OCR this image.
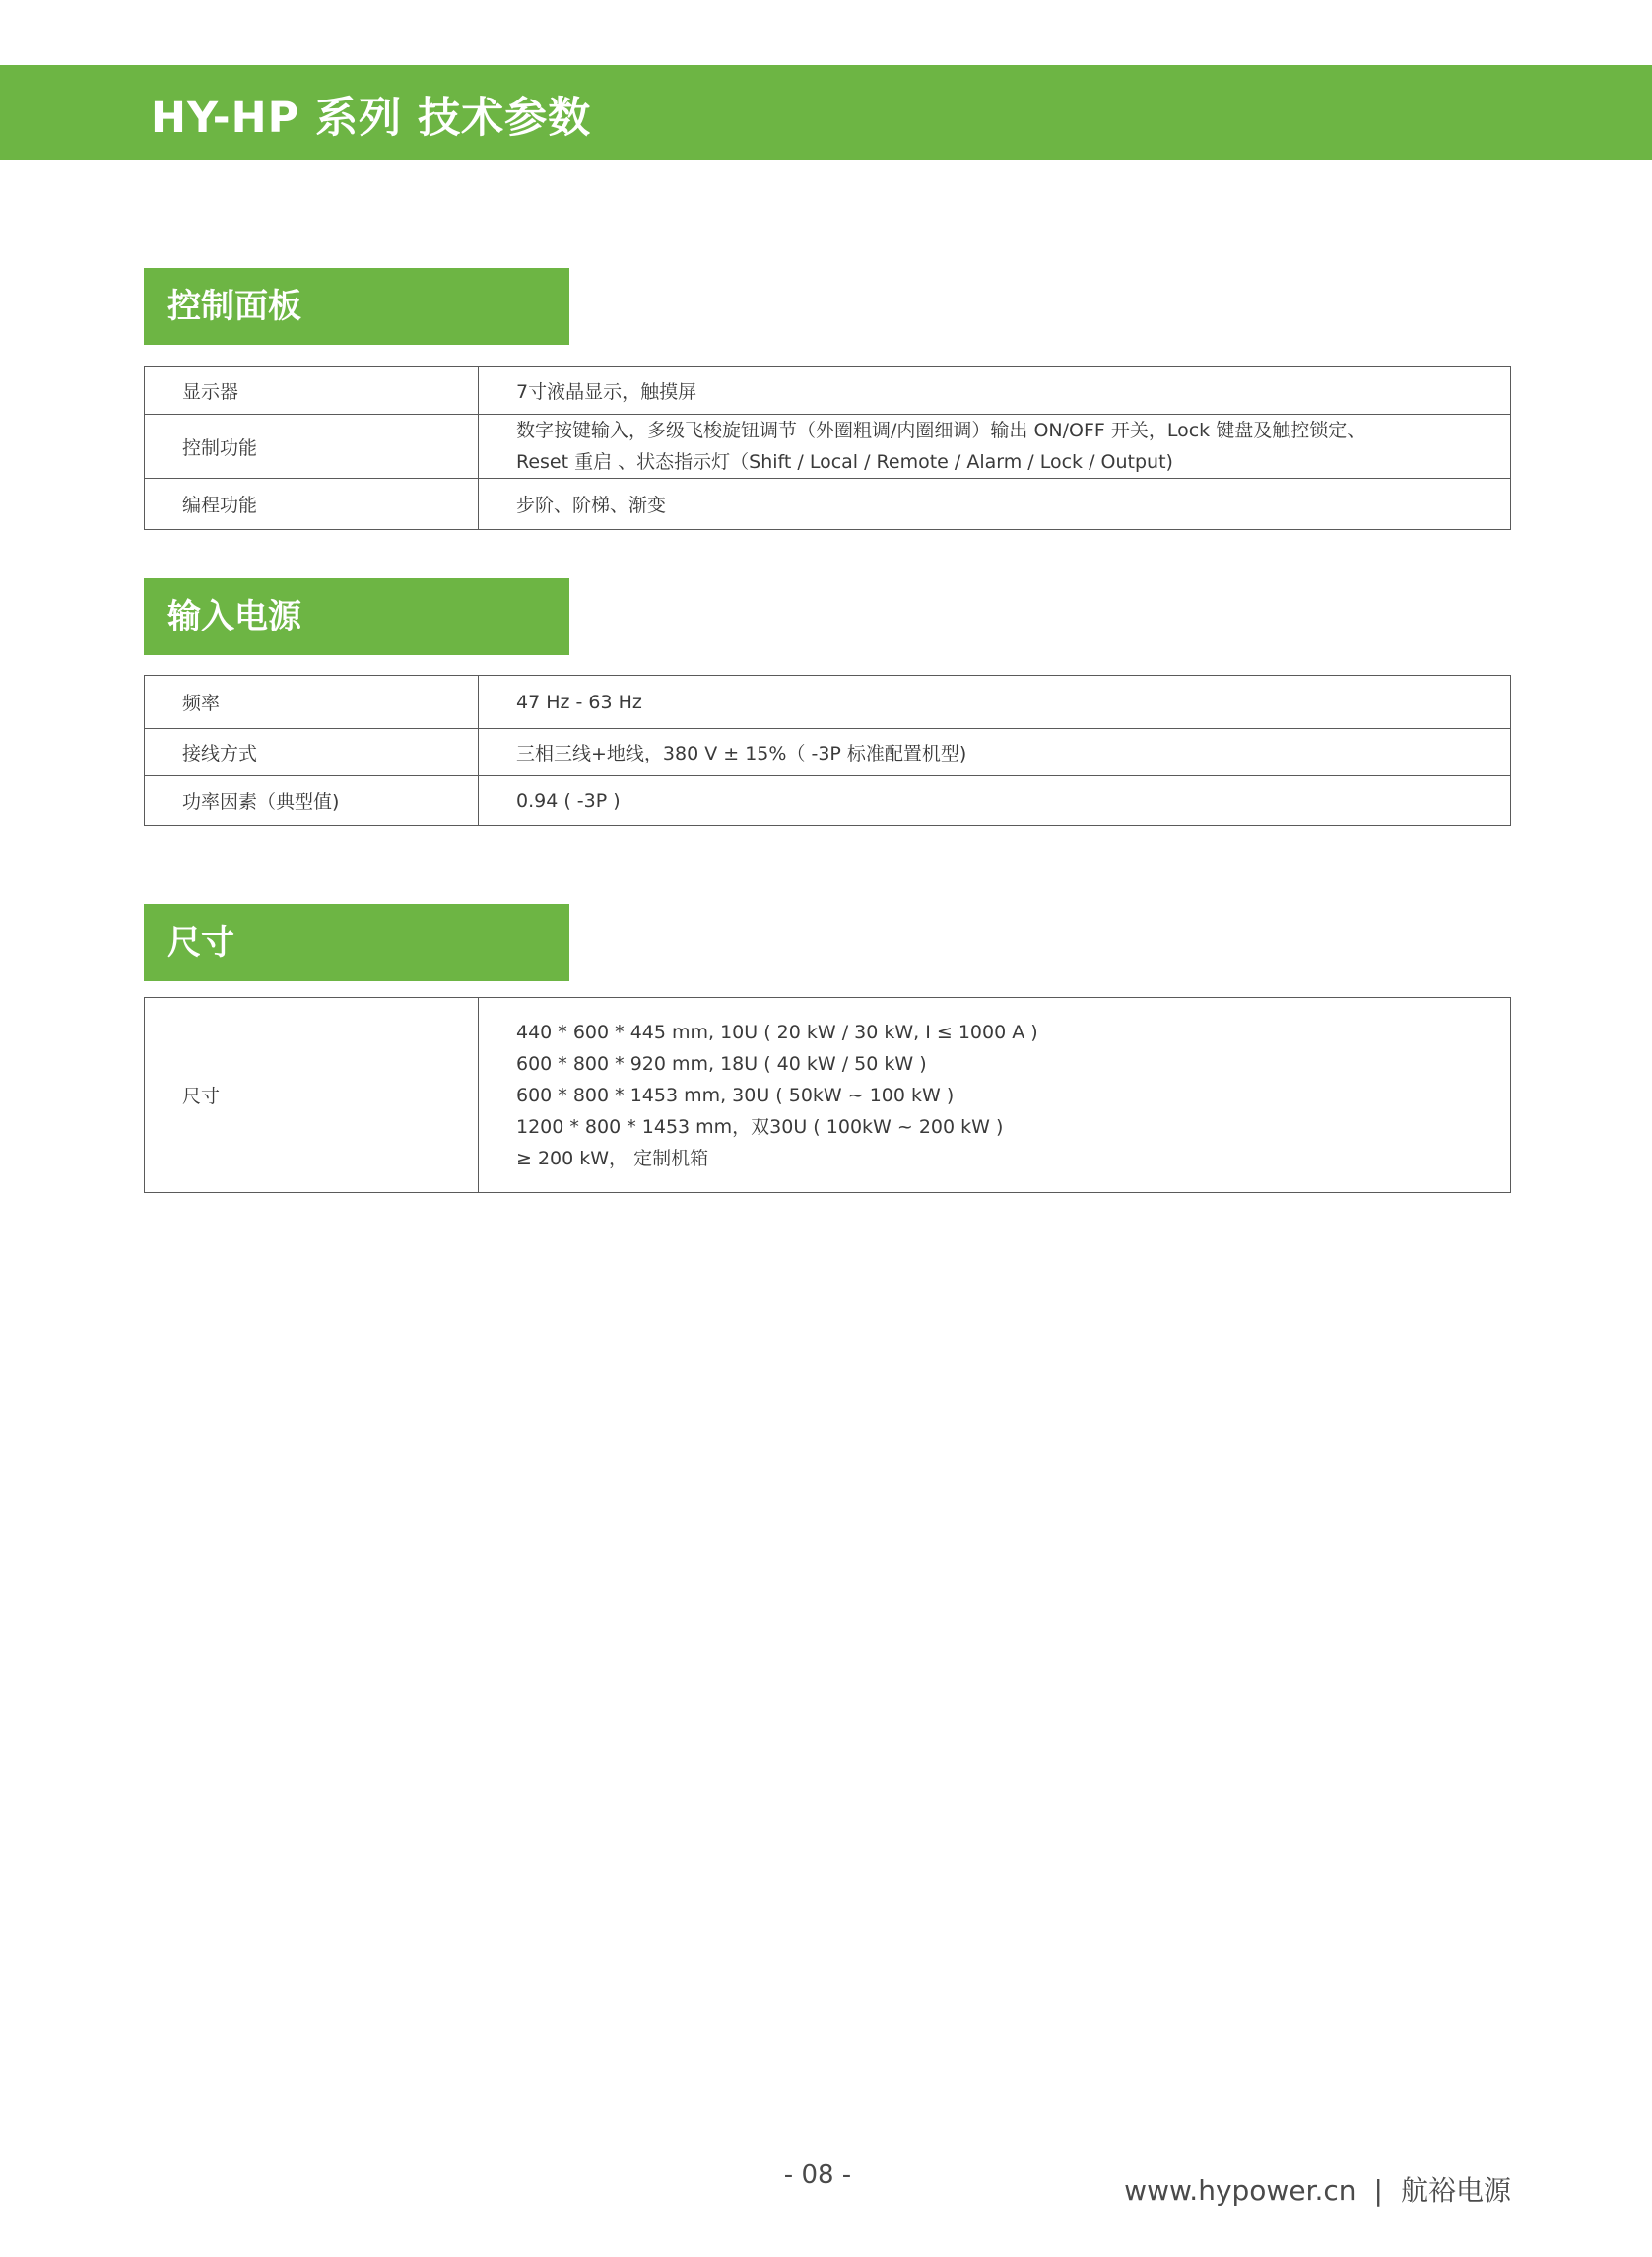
HY-HP 系列 技术参数
控制面板
显示器	7寸液晶显示，触摸屏
控制功能	数字按键输入，多级飞梭旋钮调节（外圈粗调/内圈细调）输出 ON/OFF 开关，Lock 键盘及触控锁定、
Reset 重启 、状态指示灯（Shift / Local / Remote / Alarm / Lock / Output)

编程功能	步阶、阶梯、渐变
输入电源
频率	47 Hz - 63 Hz
接线方式	三相三线+地线，380 V ± 15%（ -3P 标准配置机型)
功率因素（典型值)	0.94 ( -3P )
尺寸
尺寸	
440 * 600 * 445 mm, 10U ( 20 kW / 30 kW, I ≤ 1000 A )
600 * 800 * 920 mm, 18U ( 40 kW / 50 kW )
600 * 800 * 1453 mm, 30U ( 50kW ~ 100 kW )
1200 * 800 * 1453 mm，双30U ( 100kW ~ 200 kW )
≥ 200 kW， 定制机箱
- 08 -	www.hypower.cn | 航裕电源
